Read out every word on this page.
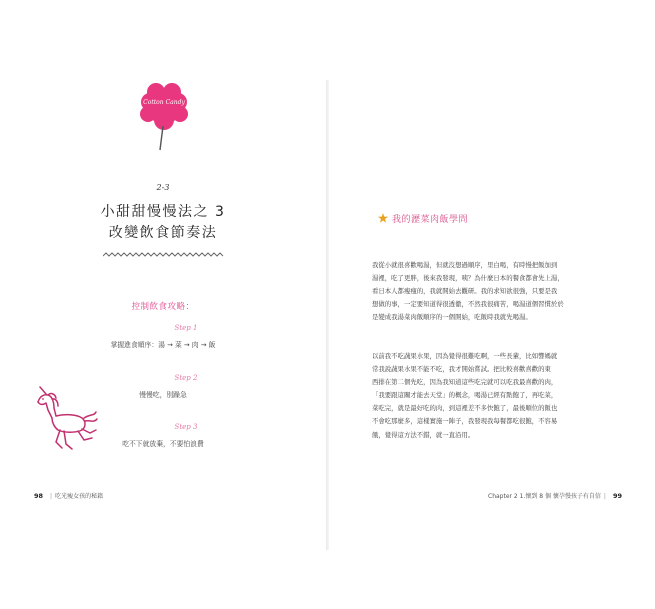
Cotton Candy
2-3
小甜甜慢慢法之 3
改變飲食節奏法
控制飲食攻略：
Step 1
掌握進食順序：湯 → 菜 → 肉 → 飯
Step 2
慢慢吃，別躁急
Step 3
吃不下就放棄，不要怕浪費
我的瀝菜肉飯學問
我從小就很喜歡喝湯，但就沒想過順序，里白喝，有時慢把飯加到
湯裡，吃了更胖，後來我發現，咦？為什麼日本的餐食都會先上湯，
看日本人都瘦瘦的，我就開始去觀研。我的求知欲很強，只要是我
想做的事，一定要知道得很透徹，不然我很痛苦，喝湯道個習慣於於
是變成我湯菜肉飯順序的一個開始，吃飯時我就先喝湯。
以前我不吃蔬果水果，因為覺得很難吃啊，一些長輩，比如響媽就
常我說蔬果水果不能不吃，我才開始嘗試。把比較喜歡喜歡的東
西排在第二個先吃，因為我知道這些吃完就可以吃我最喜歡的肉，
「我要跟這關才能去天堂」的概念，喝湯已經有點飽了，再吃菜，
菜吃完，就是最好吃的肉，到這裡差不多快飽了，最後順位的飯也
不會吃那麼多，這樣實施一陣子，我發現我每餐都吃很飽，不容易
餓，覺得這方法不錯，就一直沿用。
98 | 吃光瘦女孩的秘籍	Chapter 2 1.懷到 8 個 懷孕慢孩子有自信 | 99
